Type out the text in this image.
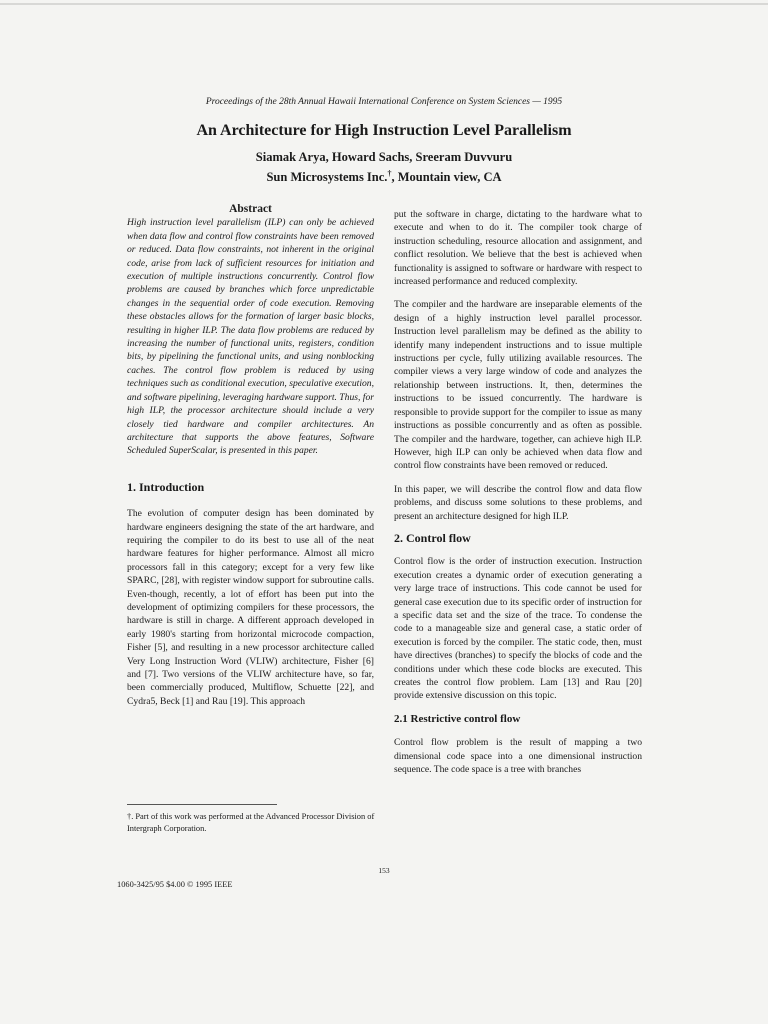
Proceedings of the 28th Annual Hawaii International Conference on System Sciences — 1995
An Architecture for High Instruction Level Parallelism
Siamak Arya, Howard Sachs, Sreeram Duvvuru
Sun Microsystems Inc.†, Mountain view, CA

Abstract

High instruction level parallelism (ILP) can only be achieved when data flow and control flow constraints have been removed or reduced. Data flow constraints, not inherent in the original code, arise from lack of sufficient resources for initiation and execution of multiple instructions concurrently. Control flow problems are caused by branches which force unpredictable changes in the sequential order of code execution. Removing these obstacles allows for the formation of larger basic blocks, resulting in higher ILP. The data flow problems are reduced by increasing the number of functional units, registers, condition bits, by pipelining the functional units, and using nonblocking caches. The control flow problem is reduced by using techniques such as conditional execution, speculative execution, and software pipelining, leveraging hardware support. Thus, for high ILP, the processor architecture should include a very closely tied hardware and compiler architectures. An architecture that supports the above features, Software Scheduled SuperScalar, is presented in this paper.

1. Introduction

The evolution of computer design has been dominated by hardware engineers designing the state of the art hardware, and requiring the compiler to do its best to use all of the neat hardware features for higher performance. Almost all micro processors fall in this category; except for a very few like SPARC, [28], with register window support for subroutine calls. Even-though, recently, a lot of effort has been put into the development of optimizing compilers for these processors, the hardware is still in charge. A different approach developed in early 1980's starting from horizontal microcode compaction, Fisher [5], and resulting in a new processor architecture called Very Long Instruction Word (VLIW) architecture, Fisher [6] and [7]. Two versions of the VLIW architecture have, so far, been commercially produced, Multiflow, Schuette [22], and Cydra5, Beck [1] and Rau [19]. This approach

put the software in charge, dictating to the hardware what to execute and when to do it. The compiler took charge of instruction scheduling, resource allocation and assignment, and conflict resolution. We believe that the best is achieved when functionality is assigned to software or hardware with respect to increased performance and reduced complexity.

The compiler and the hardware are inseparable elements of the design of a highly instruction level parallel processor. Instruction level parallelism may be defined as the ability to identify many independent instructions and to issue multiple instructions per cycle, fully utilizing available resources. The compiler views a very large window of code and analyzes the relationship between instructions. It, then, determines the instructions to be issued concurrently. The hardware is responsible to provide support for the compiler to issue as many instructions as possible concurrently and as often as possible. The compiler and the hardware, together, can achieve high ILP. However, high ILP can only be achieved when data flow and control flow constraints have been removed or reduced.

In this paper, we will describe the control flow and data flow problems, and discuss some solutions to these problems, and present an architecture designed for high ILP.

2. Control flow

Control flow is the order of instruction execution. Instruction execution creates a dynamic order of execution generating a very large trace of instructions. This code cannot be used for general case execution due to its specific order of instruction for a specific data set and the size of the trace. To condense the code to a manageable size and general case, a static order of execution is forced by the compiler. The static code, then, must have directives (branches) to specify the blocks of code and the conditions under which these code blocks are executed. This creates the control flow problem. Lam [13] and Rau [20] provide extensive discussion on this topic.

2.1 Restrictive control flow

Control flow problem is the result of mapping a two dimensional code space into a one dimensional instruction sequence. The code space is a tree with branches

†. Part of this work was performed at the Advanced Processor Division of Intergraph Corporation.
153
1060-3425/95 $4.00 © 1995 IEEE
